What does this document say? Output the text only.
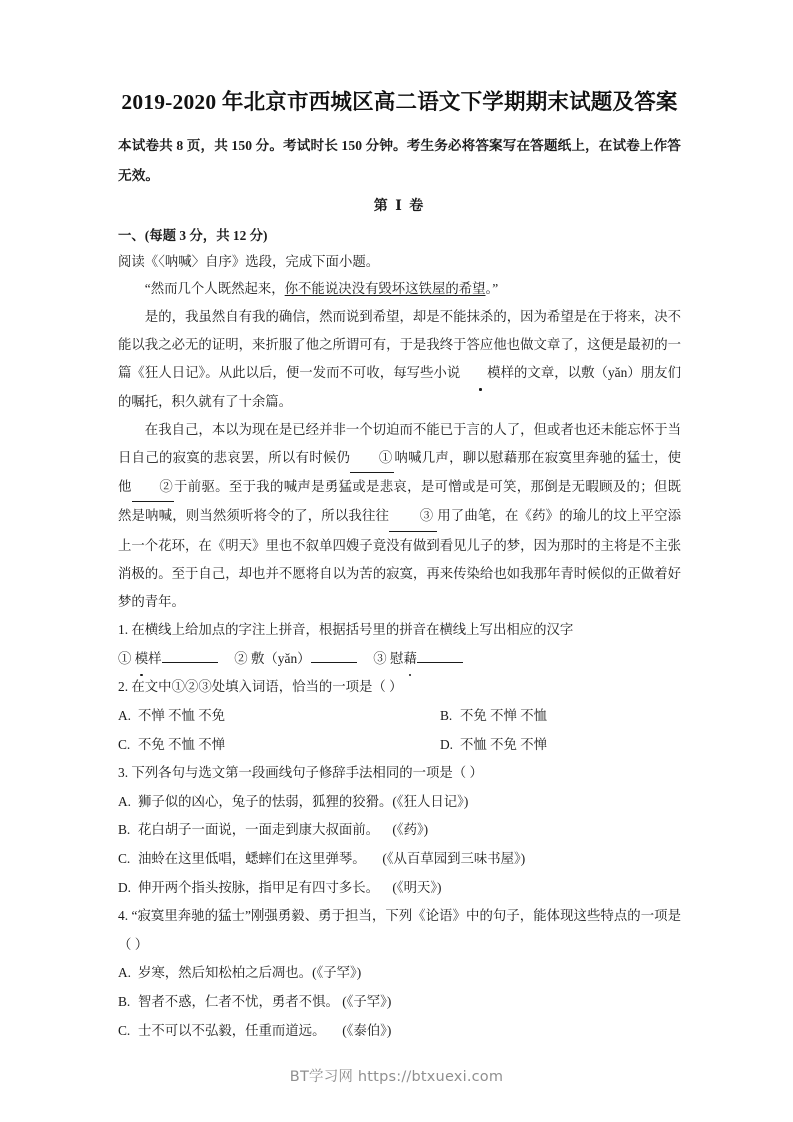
2019-2020 年北京市西城区高二语文下学期期末试题及答案

本试卷共 8 页，共 150 分。考试时长 150 分钟。考生务必将答案写在答题纸上，在试卷上作答无效。

第 Ⅰ 卷

一、(每题 3 分，共 12 分)

阅读《〈呐喊〉自序》选段，完成下面小题。

“然而几个人既然起来，你不能说决没有毁坏这铁屋的希望。”

是的，我虽然自有我的确信，然而说到希望，却是不能抹杀的，因为希望是在于将来，决不能以我之必无的证明，来折服了他之所谓可有，于是我终于答应他也做文章了，这便是最初的一篇《狂人日记》。从此以后，便一发而不可收，每写些小说 模样的文章，以敷（yǎn）朋友们的嘱托，积久就有了十余篇。

在我自己，本以为现在是已经并非一个切迫而不能已于言的人了，但或者也还未能忘怀于当日自己的寂寞的悲哀罢，所以有时候仍 ① 呐喊几声，聊以慰藉那在寂寞里奔驰的猛士，使他 ②于前驱。至于我的喊声是勇猛或是悲哀，是可憎或是可笑，那倒是无暇顾及的；但既然是呐喊，则当然须听将令的了，所以我往往 ③ 用了曲笔，在《药》的瑜儿的坟上平空添上一个花环，在《明天》里也不叙单四嫂子竟没有做到看见儿子的梦，因为那时的主将是不主张消极的。至于自己，却也并不愿将自以为苦的寂寞，再来传染给也如我那年青时候似的正做着好梦的青年。

1. 在横线上给加点的字注上拼音，根据括号里的拼音在横线上写出相应的汉字

① 模样	② 敷（yǎn）	③ 慰藉

2. 在文中①②③处填入词语，恰当的一项是（ ）

A. 不惮 不恤 不免	B. 不免 不惮 不恤
C. 不免 不恤 不惮	D. 不恤 不免 不惮

3. 下列各句与选文第一段画线句子修辞手法相同的一项是（ ）

A. 狮子似的凶心，兔子的怯弱，狐狸的狡猾。(《狂人日记》)

B. 花白胡子一面说，一面走到康大叔面前。 (《药》)

C. 油蛉在这里低唱，蟋蟀们在这里弹琴。 (《从百草园到三味书屋》)

D. 伸开两个指头按脉，指甲足有四寸多长。 (《明天》)

4. “寂寞里奔驰的猛士”刚强勇毅、勇于担当，下列《论语》中的句子，能体现这些特点的一项是（ ）

A. 岁寒，然后知松柏之后凋也。(《子罕》)

B. 智者不惑，仁者不忧，勇者不惧。 (《子罕》)

C. 士不可以不弘毅，任重而道远。 (《泰伯》)

BT学习网 https://btxuexi.com
